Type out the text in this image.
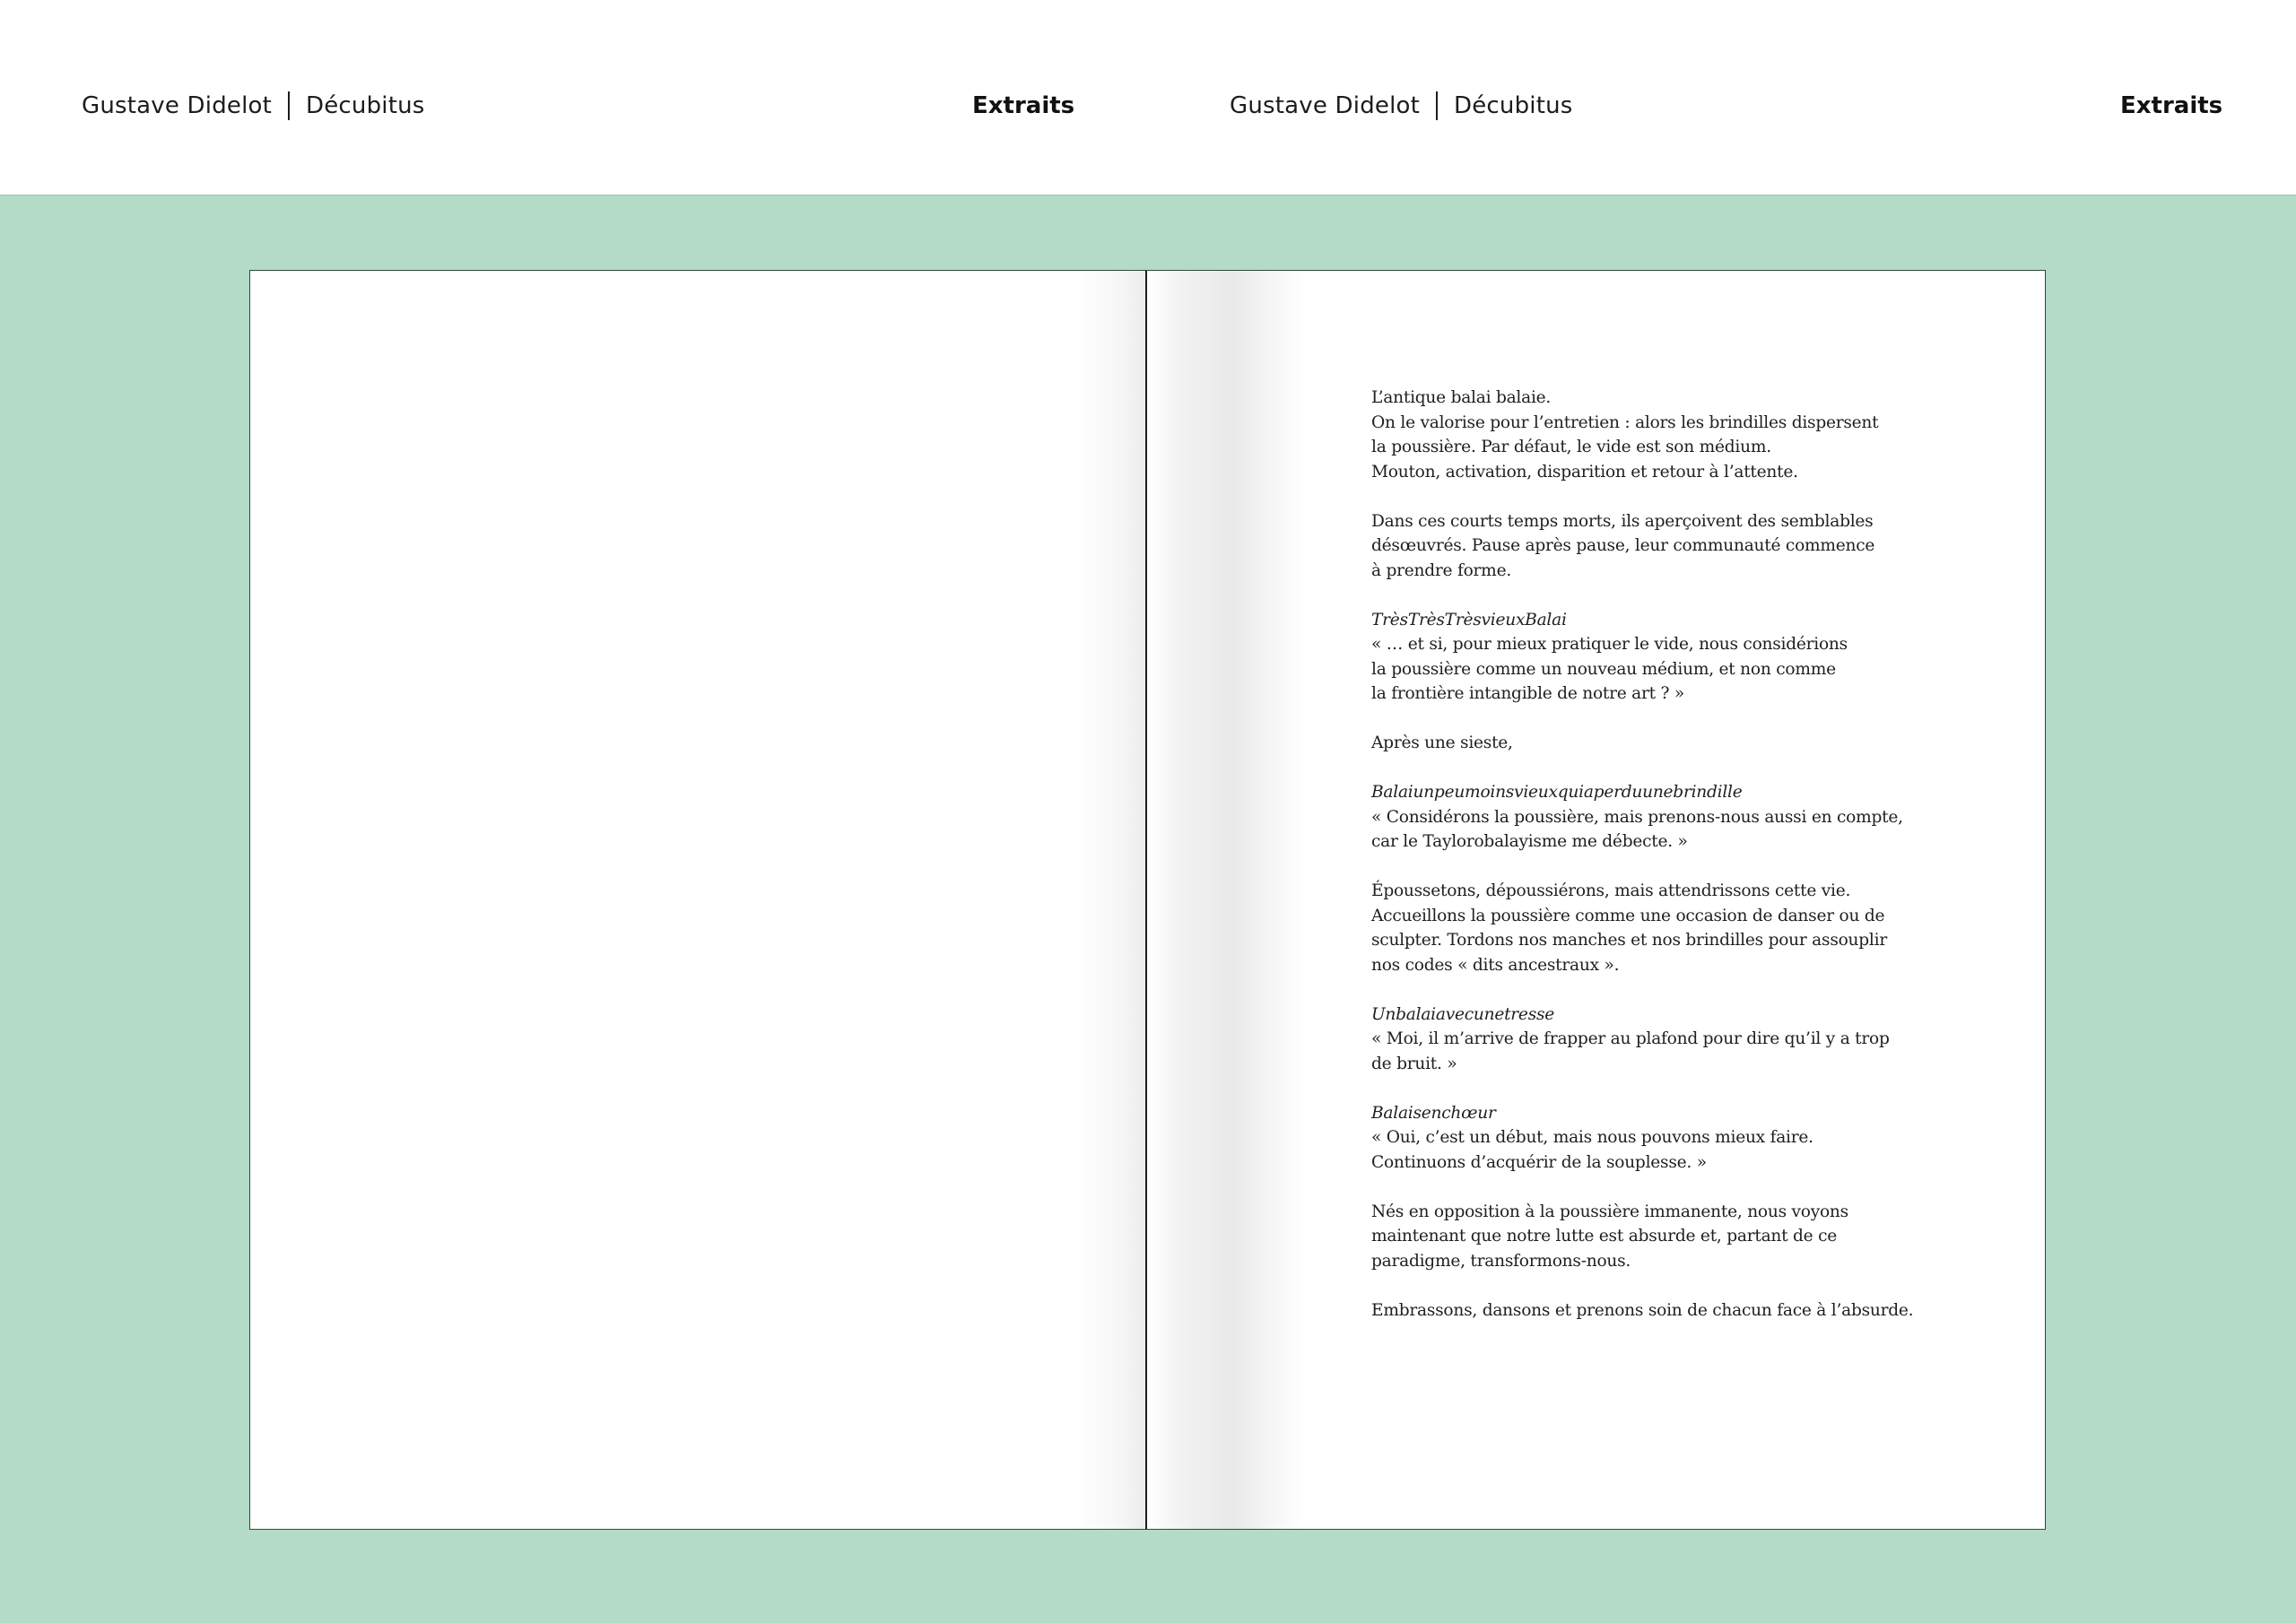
Gustave Didelot Décubitus	Extraits	Gustave Didelot Décubitus	Extraits
L’antique balai balaie.
On le valorise pour l’entretien : alors les brindilles dispersent
la poussière. Par défaut, le vide est son médium.
Mouton, activation, disparition et retour à l’attente.
Dans ces courts temps morts, ils aperçoivent des semblables
désœuvrés. Pause après pause, leur communauté commence
à prendre forme.
TrèsTrèsTrèsvieuxBalai
« … et si, pour mieux pratiquer le vide, nous considérions
la poussière comme un nouveau médium, et non comme
la frontière intangible de notre art ? »
Après une sieste,
Balaiunpeumoinsvieuxquiaperduunebrindille
« Considérons la poussière, mais prenons-nous aussi en compte,
car le Taylorobalayisme me débecte. »
Époussetons, dépoussiérons, mais attendrissons cette vie.
Accueillons la poussière comme une occasion de danser ou de
sculpter. Tordons nos manches et nos brindilles pour assouplir
nos codes « dits ancestraux ».
Unbalaiavecunetresse
« Moi, il m’arrive de frapper au plafond pour dire qu’il y a trop
de bruit. »
Balaisenchœur
« Oui, c’est un début, mais nous pouvons mieux faire.
Continuons d’acquérir de la souplesse. »
Nés en opposition à la poussière immanente, nous voyons
maintenant que notre lutte est absurde et, partant de ce
paradigme, transformons-nous.
Embrassons, dansons et prenons soin de chacun face à l’absurde.
